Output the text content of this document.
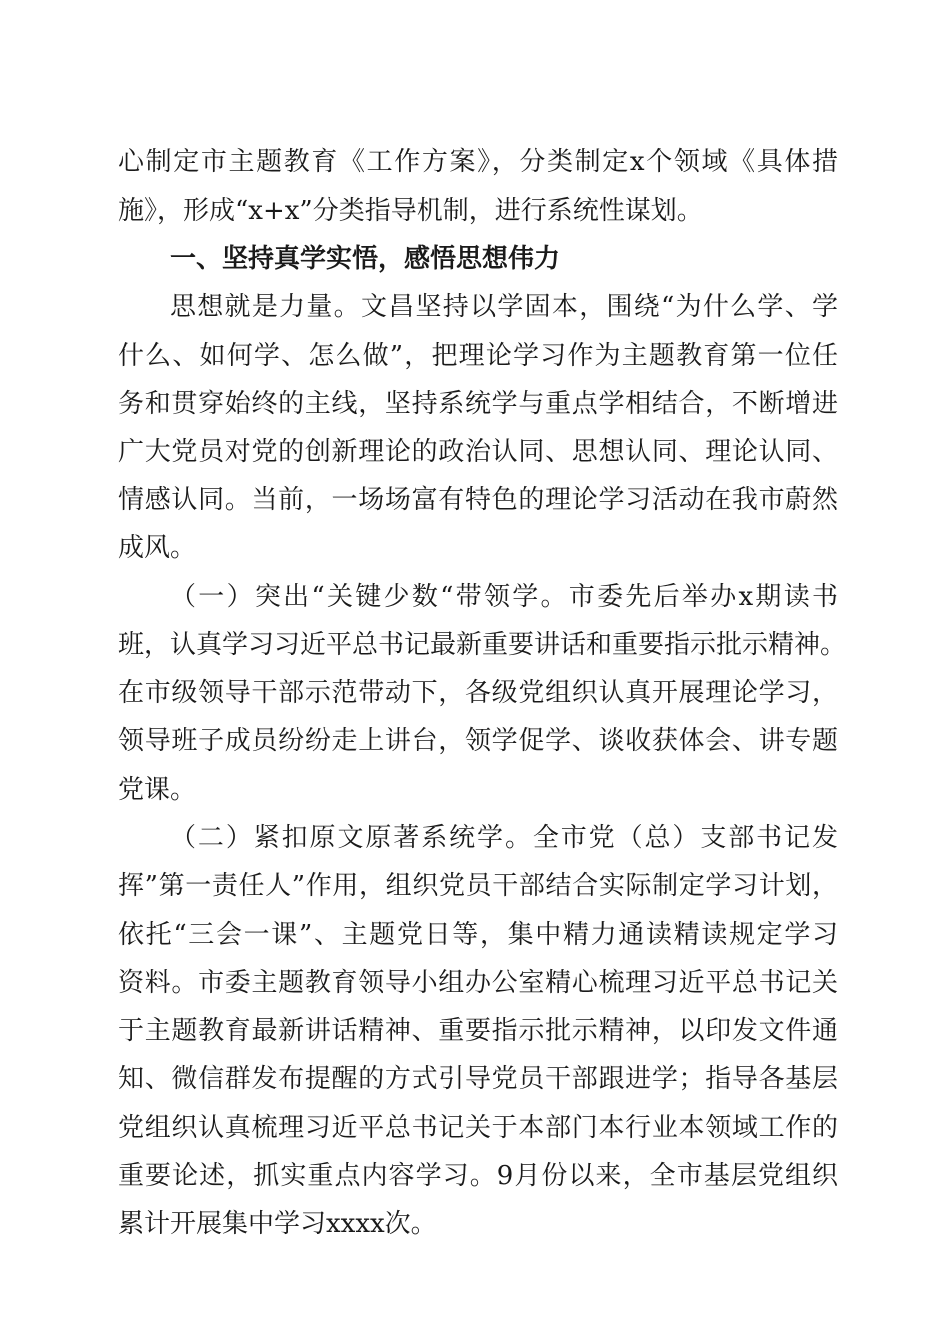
心制定市主题教育《工作方案》，分类制定x个领域《具体措
施》，形成“x+x”分类指导机制，进行系统性谋划。
一、坚持真学实悟，感悟思想伟力
思想就是力量。文昌坚持以学固本，围绕“为什么学、学
什么、如何学、怎么做”，把理论学习作为主题教育第一位任
务和贯穿始终的主线，坚持系统学与重点学相结合，不断增进
广大党员对党的创新理论的政治认同、思想认同、理论认同、
情感认同。当前，一场场富有特色的理论学习活动在我市蔚然
成风。
（一）突出“关键少数“带领学。市委先后举办x期读书
班，认真学习习近平总书记最新重要讲话和重要指示批示精神。
在市级领导干部示范带动下，各级党组织认真开展理论学习，
领导班子成员纷纷走上讲台，领学促学、谈收获体会、讲专题
党课。
（二）紧扣原文原著系统学。全市党（总）支部书记发
挥”第一责任人”作用，组织党员干部结合实际制定学习计划，
依托“三会一课”、主题党日等，集中精力通读精读规定学习
资料。市委主题教育领导小组办公室精心梳理习近平总书记关
于主题教育最新讲话精神、重要指示批示精神，以印发文件通
知、微信群发布提醒的方式引导党员干部跟进学；指导各基层
党组织认真梳理习近平总书记关于本部门本行业本领域工作的
重要论述，抓实重点内容学习。9月份以来，全市基层党组织
累计开展集中学习xxxx次。
